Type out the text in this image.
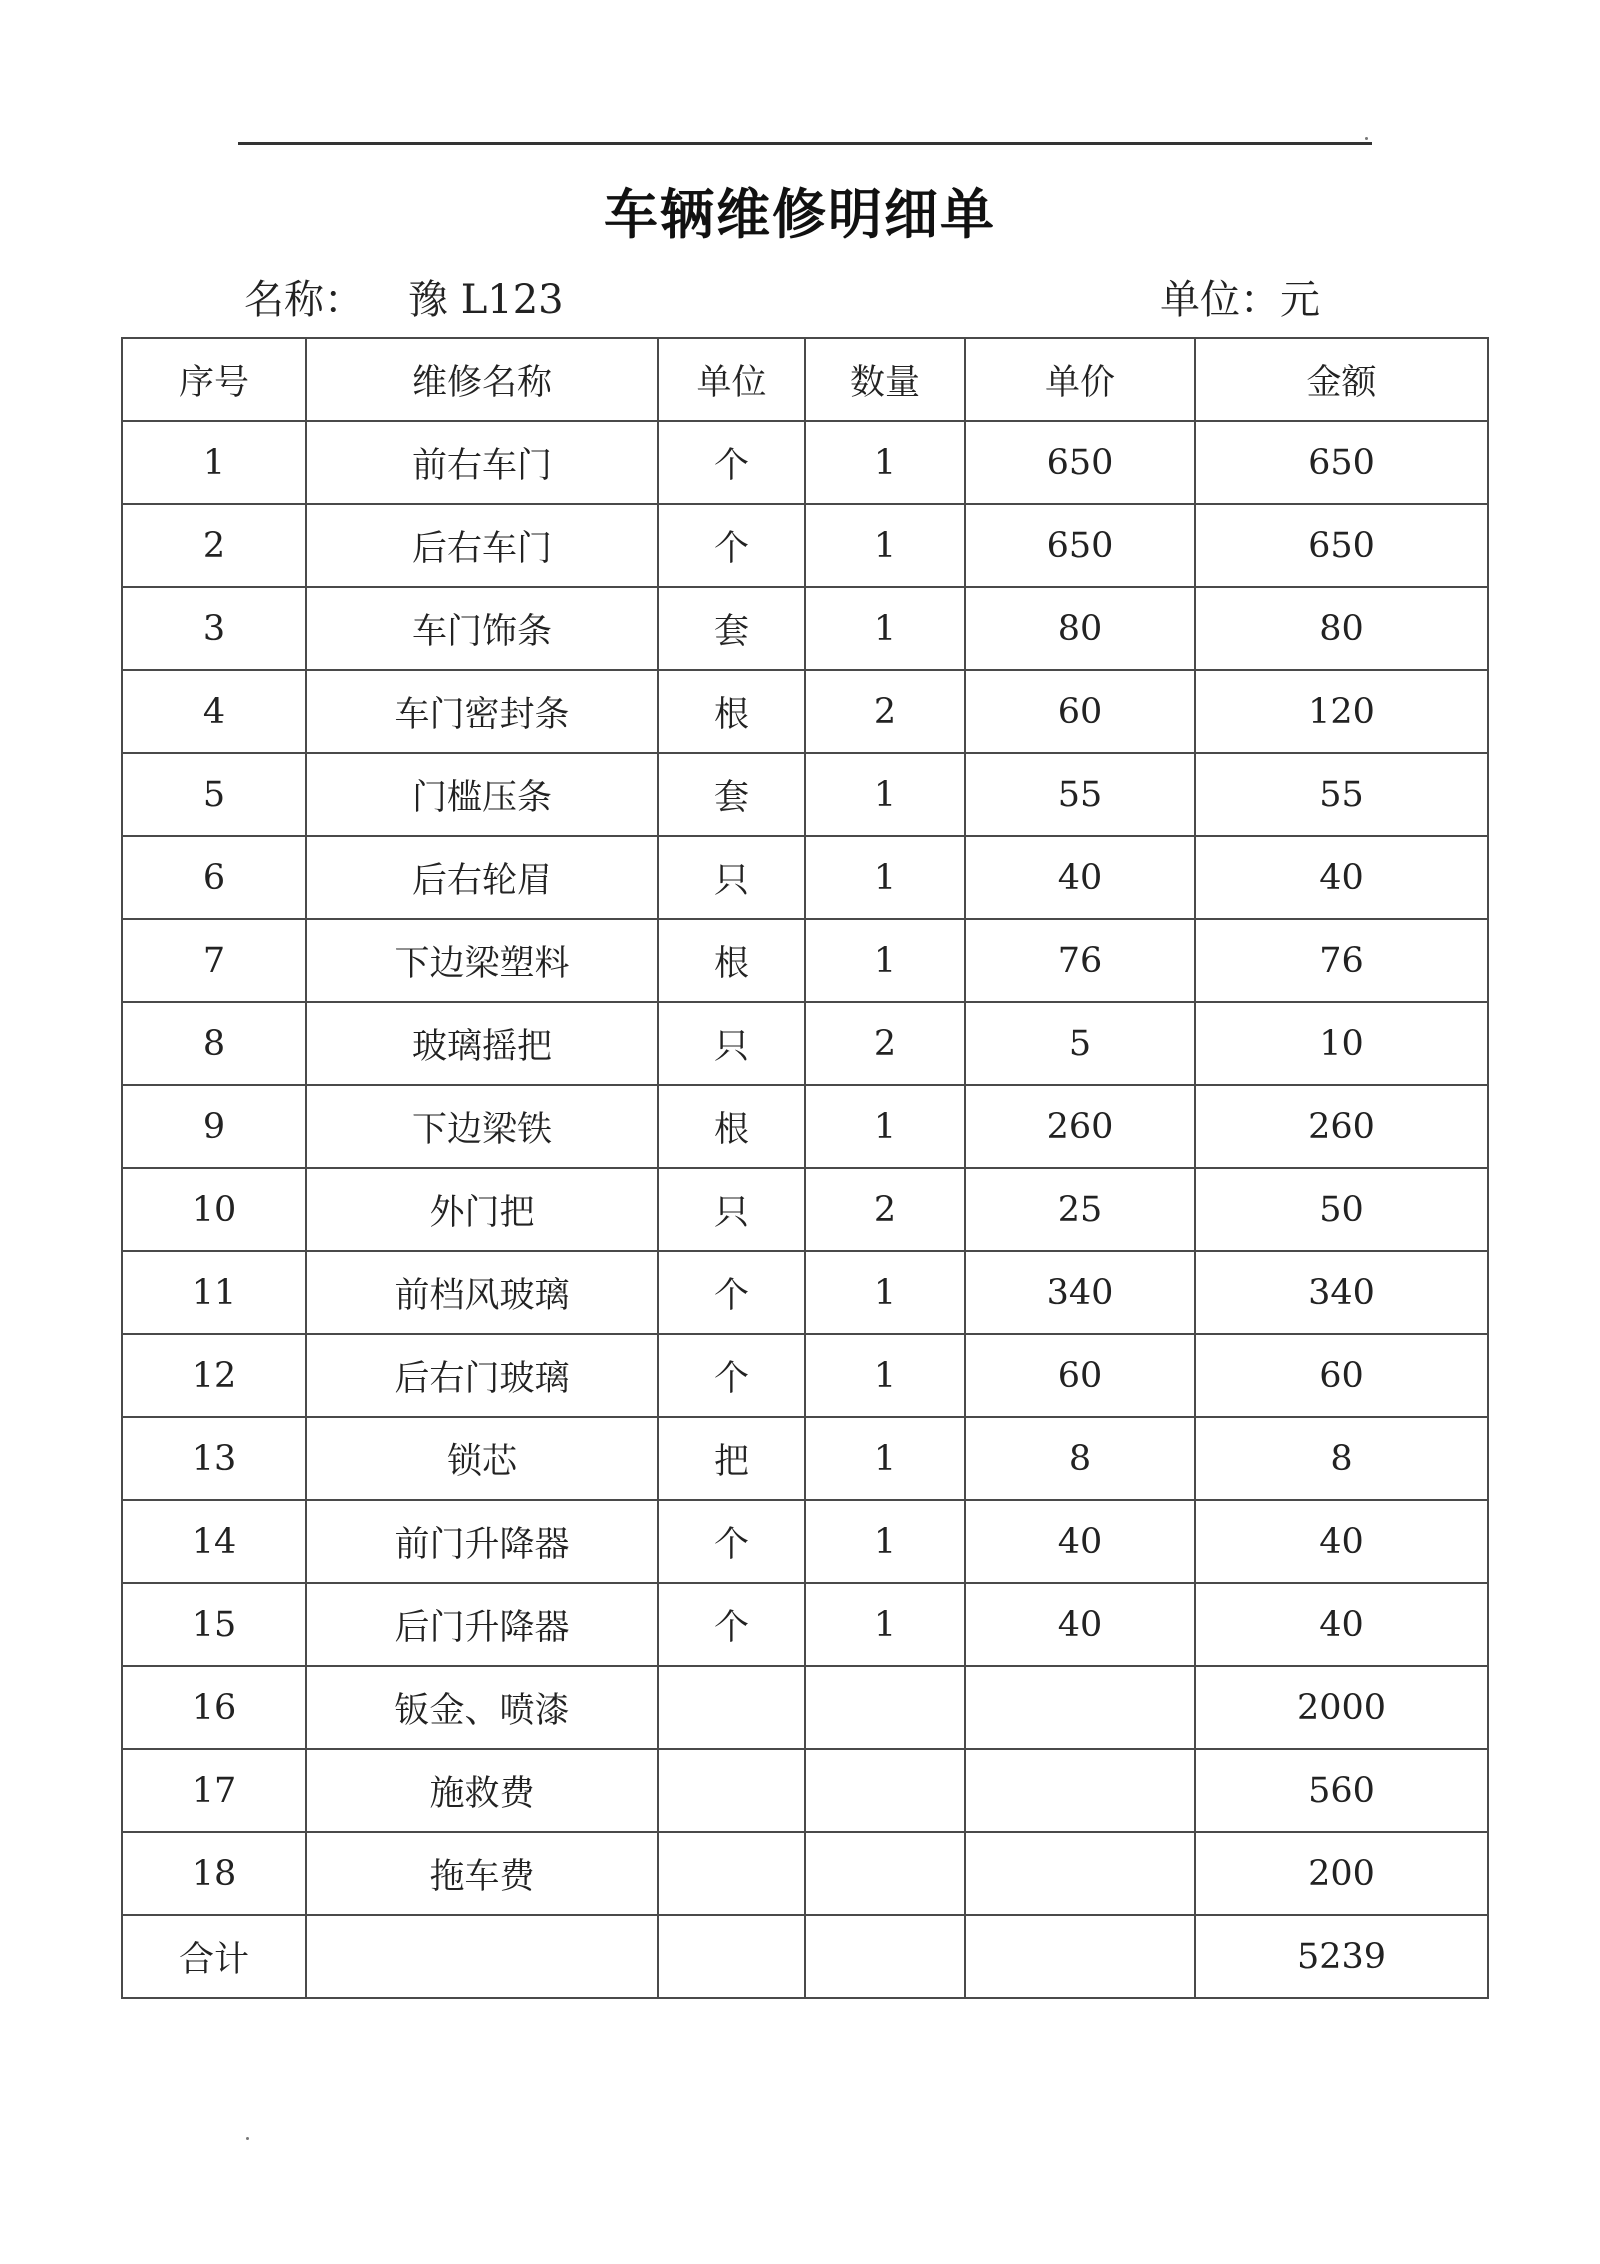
车辆维修明细单
名称： 豫 L123	单位：元
序号	维修名称	单位	数量	单价	金额
1	前右车门	个	1	650	650
2	后右车门	个	1	650	650
3	车门饰条	套	1	80	80
4	车门密封条	根	2	60	120
5	门槛压条	套	1	55	55
6	后右轮眉	只	1	40	40
7	下边梁塑料	根	1	76	76
8	玻璃摇把	只	2	5	10
9	下边梁铁	根	1	260	260
10	外门把	只	2	25	50
11	前档风玻璃	个	1	340	340
12	后右门玻璃	个	1	60	60
13	锁芯	把	1	8	8
14	前门升降器	个	1	40	40
15	后门升降器	个	1	40	40
16	钣金、喷漆				2000
17	施救费				560
18	拖车费				200
合计					5239
